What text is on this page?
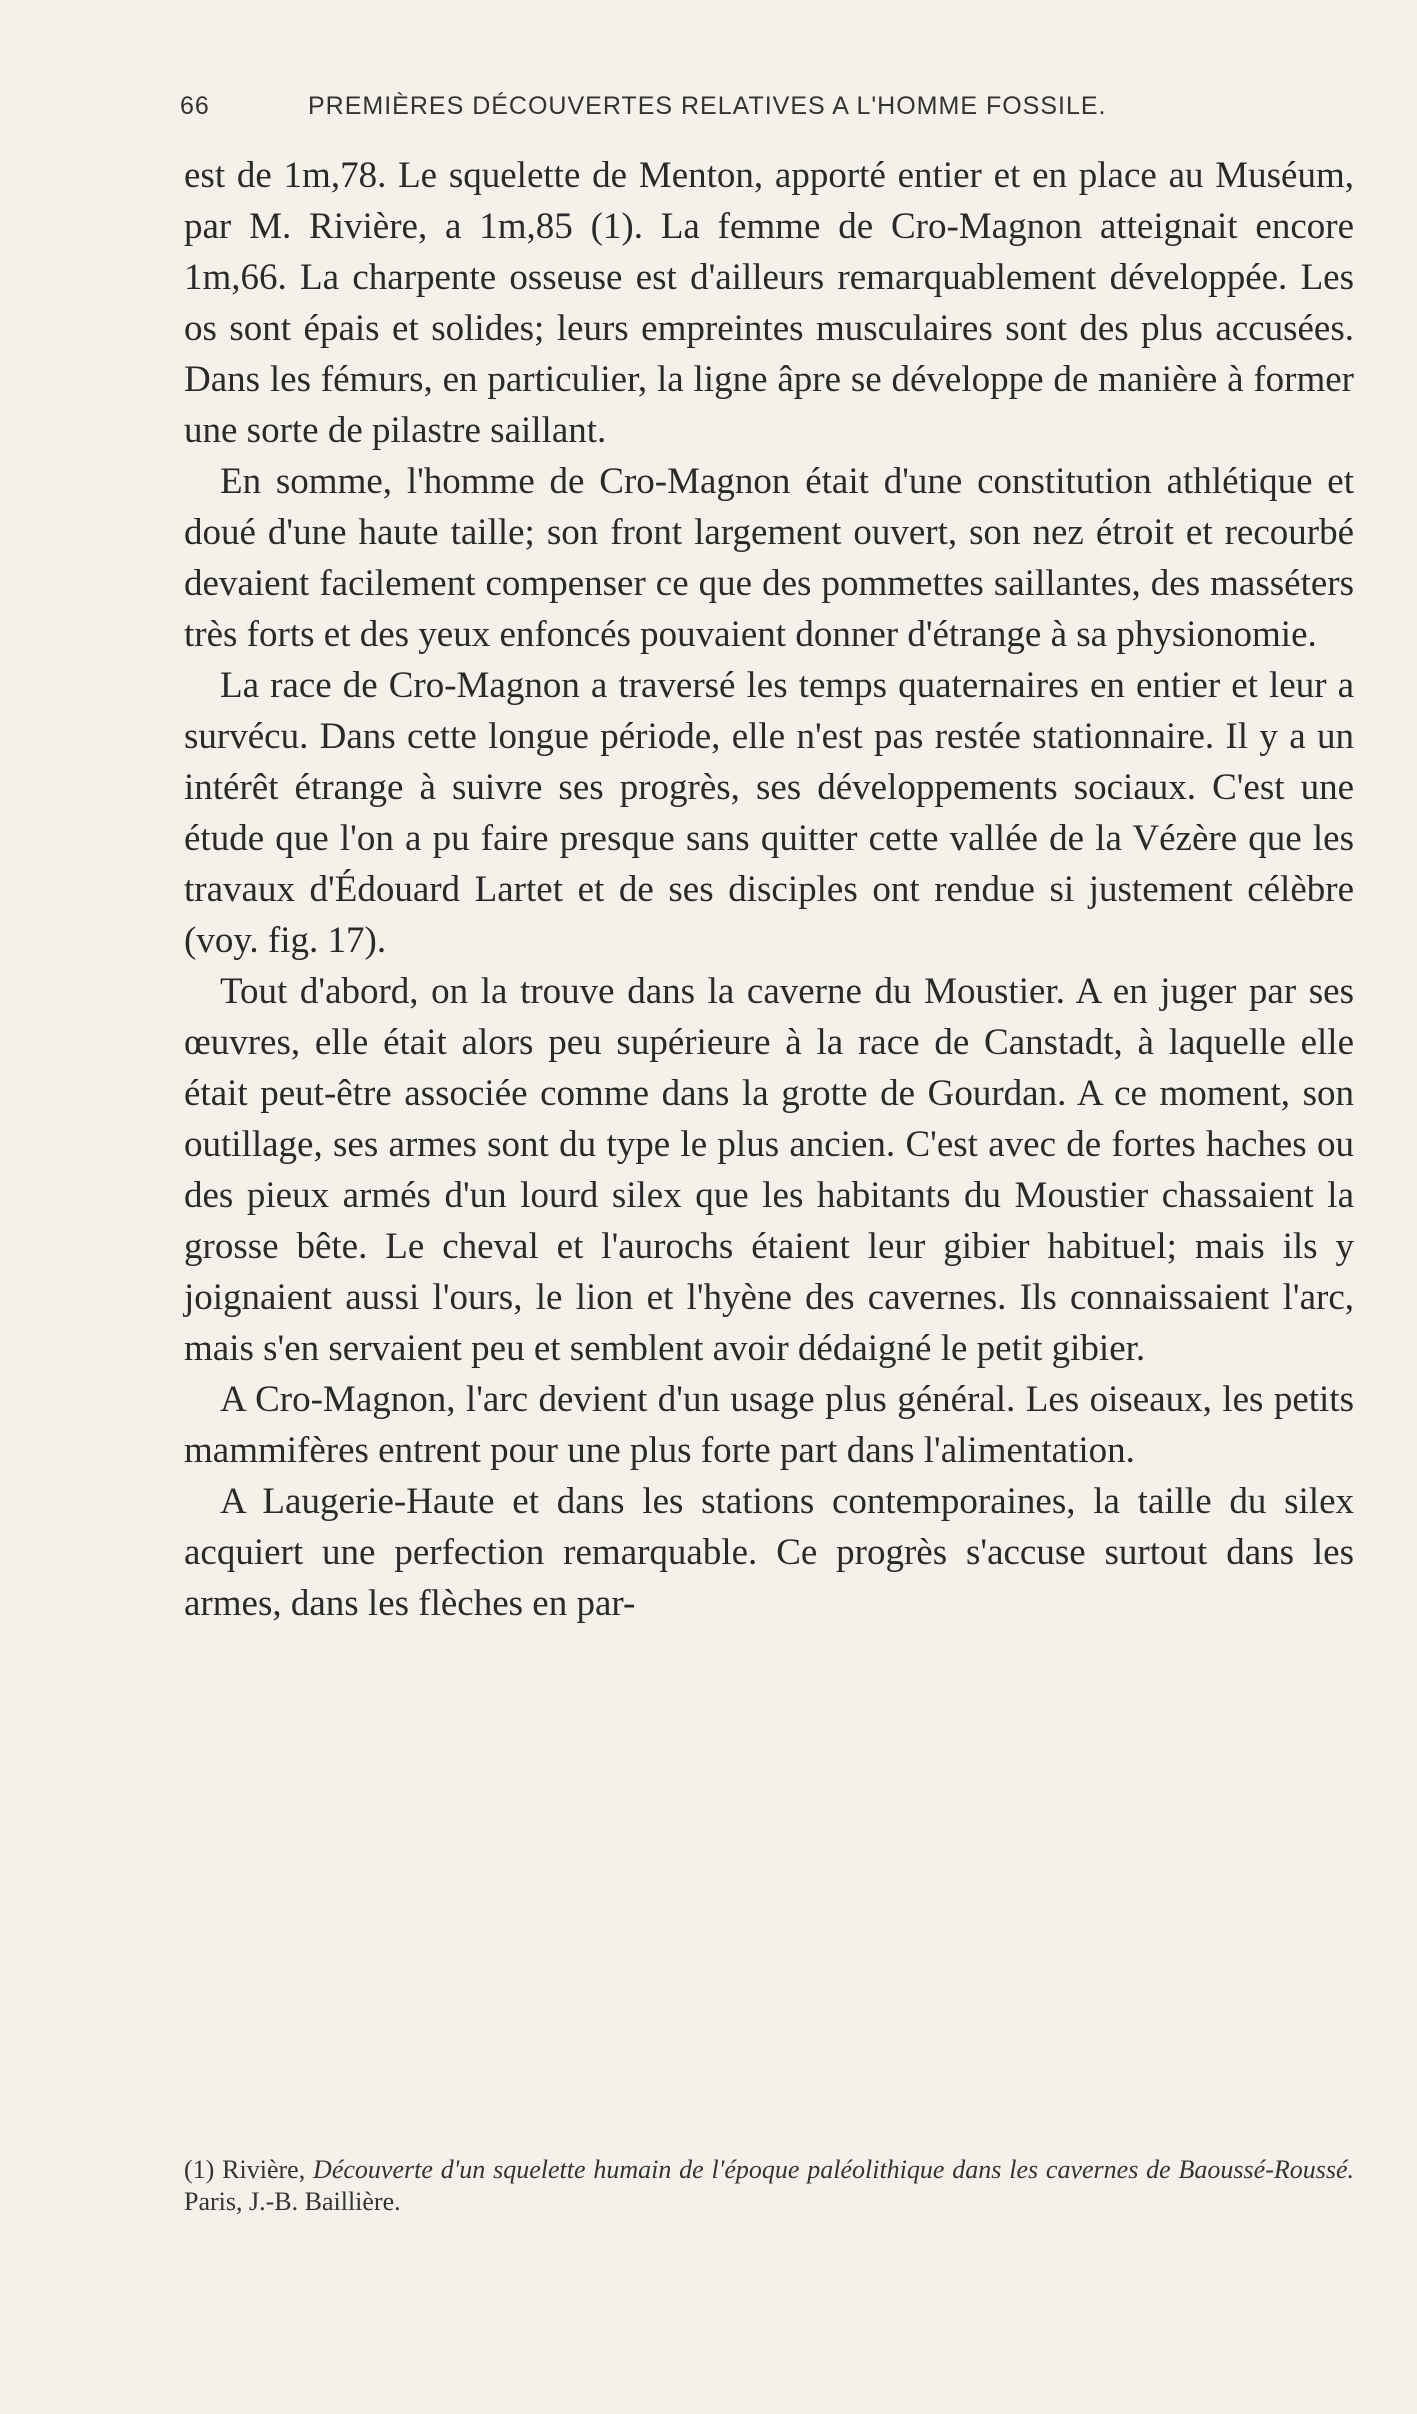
66	PREMIÈRES DÉCOUVERTES RELATIVES A L'HOMME FOSSILE.

est de 1m,78. Le squelette de Menton, apporté entier et en place au Muséum, par M. Rivière, a 1m,85 (1). La femme de Cro-Magnon atteignait encore 1m,66. La charpente osseuse est d'ailleurs remarquablement développée. Les os sont épais et solides; leurs empreintes musculaires sont des plus accusées. Dans les fémurs, en particulier, la ligne âpre se développe de manière à former une sorte de pilastre saillant.

En somme, l'homme de Cro-Magnon était d'une constitution athlétique et doué d'une haute taille; son front largement ouvert, son nez étroit et recourbé devaient facilement compenser ce que des pommettes saillantes, des masséters très forts et des yeux enfoncés pouvaient donner d'étrange à sa physionomie.

La race de Cro-Magnon a traversé les temps quaternaires en entier et leur a survécu. Dans cette longue période, elle n'est pas restée stationnaire. Il y a un intérêt étrange à suivre ses progrès, ses développements sociaux. C'est une étude que l'on a pu faire presque sans quitter cette vallée de la Vézère que les travaux d'Édouard Lartet et de ses disciples ont rendue si justement célèbre (voy. fig. 17).

Tout d'abord, on la trouve dans la caverne du Moustier. A en juger par ses œuvres, elle était alors peu supérieure à la race de Canstadt, à laquelle elle était peut-être associée comme dans la grotte de Gourdan. A ce moment, son outillage, ses armes sont du type le plus ancien. C'est avec de fortes haches ou des pieux armés d'un lourd silex que les habitants du Moustier chassaient la grosse bête. Le cheval et l'aurochs étaient leur gibier habituel; mais ils y joignaient aussi l'ours, le lion et l'hyène des cavernes. Ils connaissaient l'arc, mais s'en servaient peu et semblent avoir dédaigné le petit gibier.

A Cro-Magnon, l'arc devient d'un usage plus général. Les oiseaux, les petits mammifères entrent pour une plus forte part dans l'alimentation.

A Laugerie-Haute et dans les stations contemporaines, la taille du silex acquiert une perfection remarquable. Ce progrès s'accuse surtout dans les armes, dans les flèches en par-

(1) Rivière, Découverte d'un squelette humain de l'époque paléolithique dans les cavernes de Baoussé-Roussé. Paris, J.-B. Baillière.
